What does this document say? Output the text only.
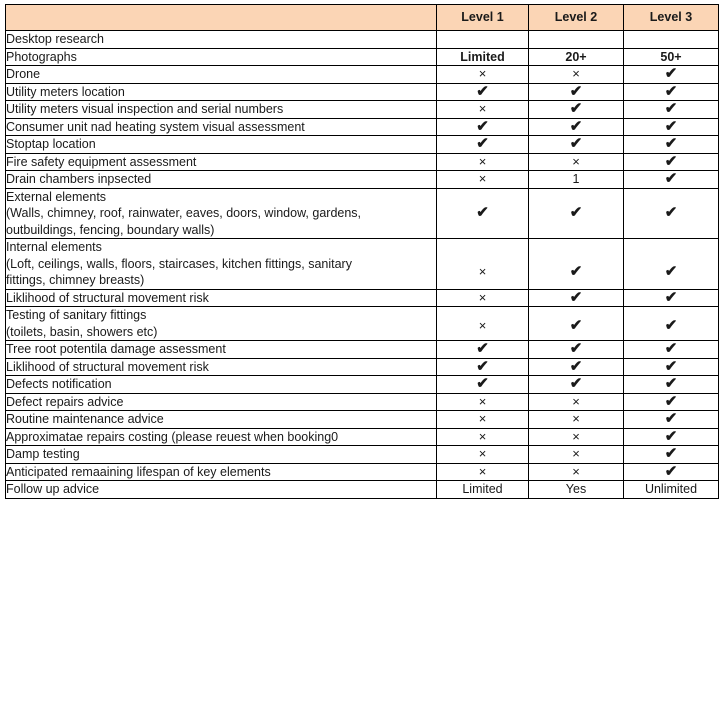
	Level 1	Level 2	Level 3

Desktop research			

Photographs	Limited	20+	50+

Drone	×	×	✔

Utility meters location	✔	✔	✔

Utility meters visual inspection and serial numbers	×	✔	✔

Consumer unit nad heating system visual assessment	✔	✔	✔

Stoptap location	✔	✔	✔

Fire safety equipment assessment	×	×	✔

Drain chambers inpsected	×	1	✔

External elements
(Walls, chimney, roof, rainwater, eaves, doors, window, gardens,
outbuildings, fencing, boundary walls)	✔	✔	✔

Internal elements
(Loft, ceilings, walls, floors, staircases, kitchen fittings, sanitary
fittings, chimney breasts)	×	✔	✔

Liklihood of structural movement risk	×	✔	✔

Testing of sanitary fittings
(toilets, basin, showers etc)	×	✔	✔

Tree root potentila damage assessment	✔	✔	✔

Liklihood of structural movement risk	✔	✔	✔

Defects notification	✔	✔	✔

Defect repairs advice	×	×	✔

Routine maintenance advice	×	×	✔

Approximatae repairs costing (please reuest when booking0	×	×	✔

Damp testing	×	×	✔

Anticipated remaaining lifespan of key elements	×	×	✔

Follow up advice	Limited	Yes	Unlimited
